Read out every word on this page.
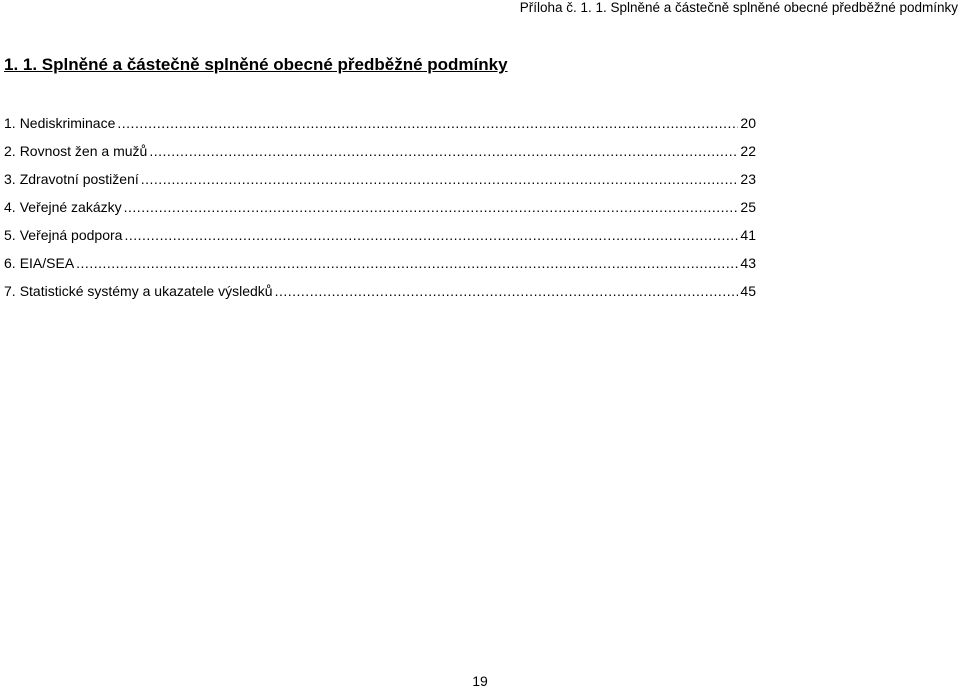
Příloha č. 1. 1. Splněné a částečně splněné obecné předběžné podmínky
1. 1. Splněné a částečně splněné obecné předběžné podmínky
1. Nediskriminace .....	20
2. Rovnost žen a mužů .....	22
3. Zdravotní postižení .....	23
4. Veřejné zakázky .....	25
5. Veřejná podpora .....	41
6. EIA/SEA .....	43
7. Statistické systémy a ukazatele výsledků .....	45
19
